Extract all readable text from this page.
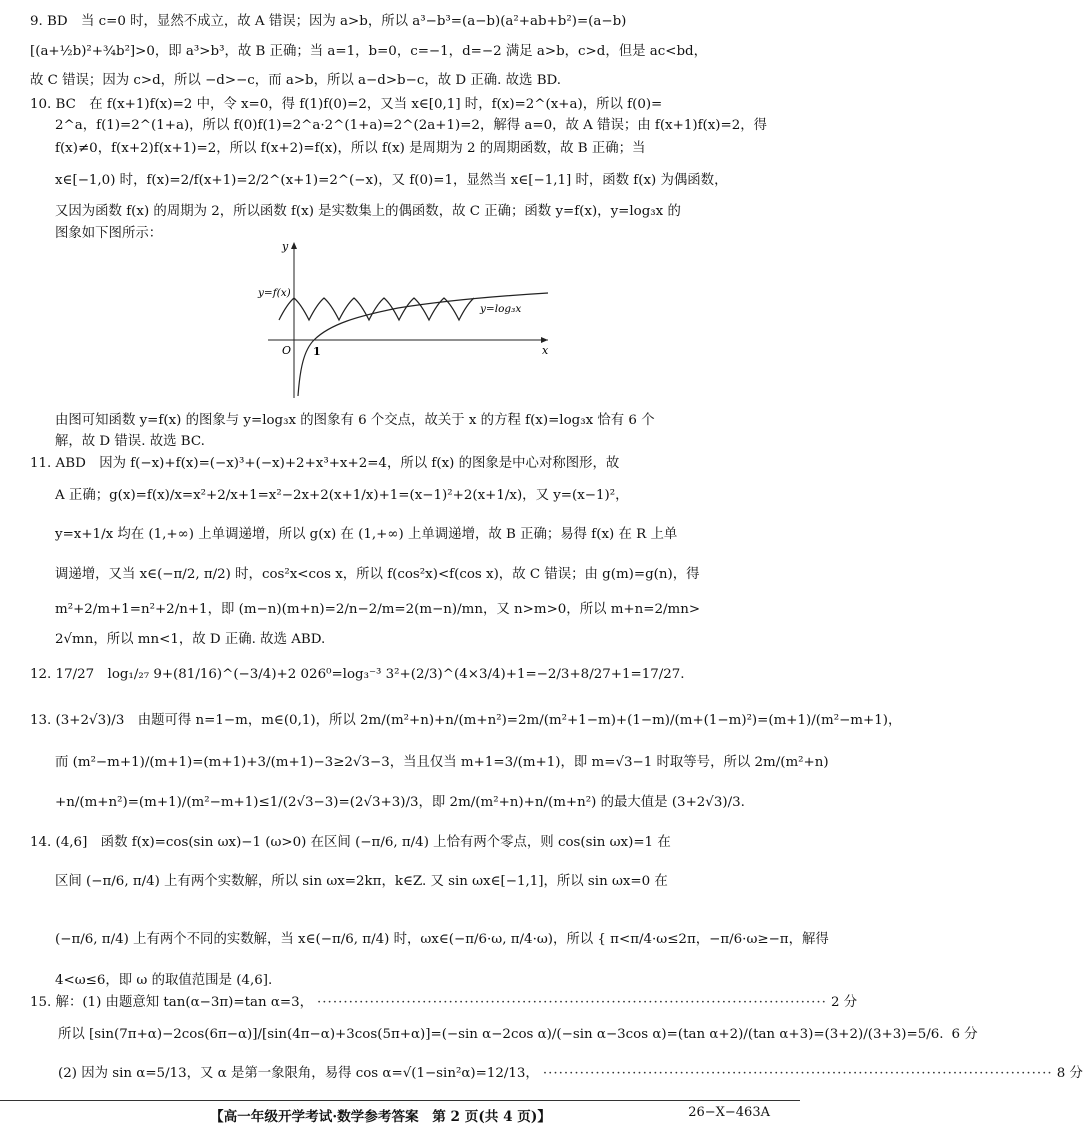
9. BD　当 c=0 时，显然不成立，故 A 错误；因为 a>b，所以 a³−b³=(a−b)(a²+ab+b²)=(a−b)
[(a+½b)²+¾b²]>0，即 a³>b³，故 B 正确；当 a=1，b=0，c=−1，d=−2 满足 a>b，c>d，但是 ac<bd，
故 C 错误；因为 c>d，所以 −d>−c，而 a>b，所以 a−d>b−c，故 D 正确. 故选 BD.
10. BC　在 f(x+1)f(x)=2 中，令 x=0，得 f(1)f(0)=2，又当 x∈[0,1] 时，f(x)=2^(x+a)，所以 f(0)=
2^a，f(1)=2^(1+a)，所以 f(0)f(1)=2^a·2^(1+a)=2^(2a+1)=2，解得 a=0，故 A 错误；由 f(x+1)f(x)=2，得
f(x)≠0，f(x+2)f(x+1)=2，所以 f(x+2)=f(x)，所以 f(x) 是周期为 2 的周期函数，故 B 正确；当
x∈[−1,0) 时，f(x)=2/f(x+1)=2/2^(x+1)=2^(−x)，又 f(0)=1，显然当 x∈[−1,1] 时，函数 f(x) 为偶函数，
又因为函数 f(x) 的周期为 2，所以函数 f(x) 是实数集上的偶函数，故 C 正确；函数 y=f(x)，y=log₃x 的
图象如下图所示：
y
x
O 1
y=f(x)
y=log₃x
由图可知函数 y=f(x) 的图象与 y=log₃x 的图象有 6 个交点，故关于 x 的方程 f(x)=log₃x 恰有 6 个
解，故 D 错误. 故选 BC.
11. ABD　因为 f(−x)+f(x)=(−x)³+(−x)+2+x³+x+2=4，所以 f(x) 的图象是中心对称图形，故
A 正确；g(x)=f(x)/x=x²+2/x+1=x²−2x+2(x+1/x)+1=(x−1)²+2(x+1/x)，又 y=(x−1)²，
y=x+1/x 均在 (1,+∞) 上单调递增，所以 g(x) 在 (1,+∞) 上单调递增，故 B 正确；易得 f(x) 在 R 上单
调递增，又当 x∈(−π/2, π/2) 时，cos²x<cos x，所以 f(cos²x)<f(cos x)，故 C 错误；由 g(m)=g(n)，得
m²+2/m+1=n²+2/n+1，即 (m−n)(m+n)=2/n−2/m=2(m−n)/mn，又 n>m>0，所以 m+n=2/mn>
2√mn，所以 mn<1，故 D 正确. 故选 ABD.
12. 17/27　log₁/₂₇ 9+(81/16)^(−3/4)+2 026⁰=log₃⁻³ 3²+(2/3)^(4×3/4)+1=−2/3+8/27+1=17/27.
13. (3+2√3)/3　由题可得 n=1−m，m∈(0,1)，所以 2m/(m²+n)+n/(m+n²)=2m/(m²+1−m)+(1−m)/(m+(1−m)²)=(m+1)/(m²−m+1)，
而 (m²−m+1)/(m+1)=(m+1)+3/(m+1)−3≥2√3−3，当且仅当 m+1=3/(m+1)，即 m=√3−1 时取等号，所以 2m/(m²+n)
+n/(m+n²)=(m+1)/(m²−m+1)≤1/(2√3−3)=(2√3+3)/3，即 2m/(m²+n)+n/(m+n²) 的最大值是 (3+2√3)/3.
14. (4,6]　函数 f(x)=cos(sin ωx)−1 (ω>0) 在区间 (−π/6, π/4) 上恰有两个零点，则 cos(sin ωx)=1 在
区间 (−π/6, π/4) 上有两个实数解，所以 sin ωx=2kπ，k∈Z. 又 sin ωx∈[−1,1]，所以 sin ωx=0 在
(−π/6, π/4) 上有两个不同的实数解，当 x∈(−π/6, π/4) 时，ωx∈(−π/6·ω, π/4·ω)，所以 { π<π/4·ω≤2π，−π/6·ω≥−π，解得
4<ω≤6，即 ω 的取值范围是 (4,6].
15. 解：(1) 由题意知 tan(α−3π)=tan α=3， ·····	2 分
所以 [sin(7π+α)−2cos(6π−α)]/[sin(4π−α)+3cos(5π+α)]=(−sin α−2cos α)/(−sin α−3cos α)=(tan α+2)/(tan α+3)=(3+2)/(3+3)=5/6. 6 分
(2) 因为 sin α=5/13，又 α 是第一象限角，易得 cos α=√(1−sin²α)=12/13， ·····	8 分
【高一年级开学考试·数学参考答案　第 2 页(共 4 页)】	26−X−463A
